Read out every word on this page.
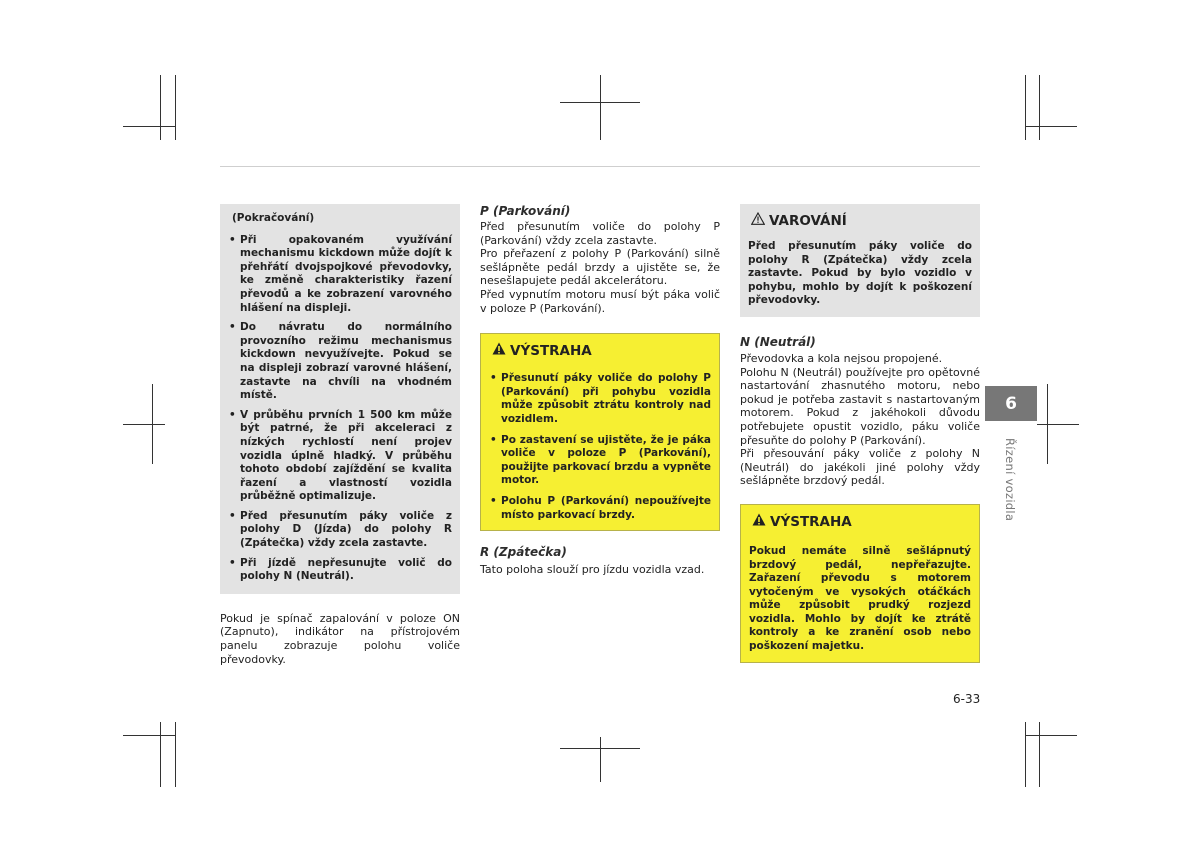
(Pokračování)
• Při opakovaném využívání mechanismu kickdown může dojít k přehřátí dvojspojkové převodovky, ke změně charakteristiky řazení převodů a ke zobrazení varovného hlášení na displeji.
• Do návratu do normálního provozního režimu mechanismus kickdown nevyužívejte. Pokud se na displeji zobrazí varovné hlášení, zastavte na chvíli na vhodném místě.
• V průběhu prvních 1 500 km může být patrné, že při akceleraci z nízkých rychlostí není projev vozidla úplně hladký. V průběhu tohoto období zajíždění se kvalita řazení a vlastností vozidla průběžně optimalizuje.
• Před přesunutím páky voliče z polohy D (Jízda) do polohy R (Zpátečka) vždy zcela zastavte.
• Při jízdě nepřesunujte volič do polohy N (Neutrál).

Pokud je spínač zapalování v poloze ON (Zapnuto), indikátor na přístrojovém panelu zobrazuje polohu voliče převodovky.

P (Parkování)

Před přesunutím voliče do polohy P (Parkování) vždy zcela zastavte.
Pro přeřazení z polohy P (Parkování) silně sešlápněte pedál brzdy a ujistěte se, že nesešlapujete pedál akcelerátoru.
Před vypnutím motoru musí být páka volič v poloze P (Parkování).

VÝSTRAHA
• Přesunutí páky voliče do polohy P (Parkování) při pohybu vozidla může způsobit ztrátu kontroly nad vozidlem.
• Po zastavení se ujistěte, že je páka voliče v poloze P (Parkování), použijte parkovací brzdu a vypněte motor.
• Polohu P (Parkování) nepoužívejte místo parkovací brzdy.
R (Zpátečka)

Tato poloha slouží pro jízdu vozidla vzad.

VAROVÁNÍ

Před přesunutím páky voliče do polohy R (Zpátečka) vždy zcela zastavte. Pokud by bylo vozidlo v pohybu, mohlo by dojít k poškození převodovky.

N (Neutrál)

Převodovka a kola nejsou propojené.
Polohu N (Neutrál) používejte pro opětovné nastartování zhasnutého motoru, nebo pokud je potřeba zastavit s nastartovaným motorem. Pokud z jakéhokoli důvodu potřebujete opustit vozidlo, páku voliče přesuňte do polohy P (Parkování).
Při přesouvání páky voliče z polohy N (Neutrál) do jakékoli jiné polohy vždy sešlápněte brzdový pedál.

VÝSTRAHA

Pokud nemáte silně sešlápnutý brzdový pedál, nepřeřazujte. Zařazení převodu s motorem vytočeným ve vysokých otáčkách může způsobit prudký rozjezd vozidla. Mohlo by dojít ke ztrátě kontroly a ke zranění osob nebo poškození majetku.

6
Řízení vozidla
6-33
